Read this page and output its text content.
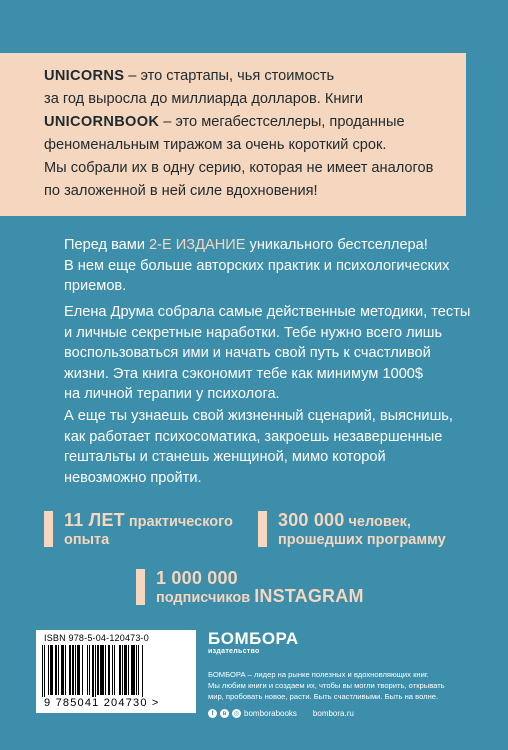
UNICORNS – это стартапы, чья стоимость
за год выросла до миллиарда долларов. Книги
UNICORNBOOK – это мегабестселлеры, проданные
феноменальным тиражом за очень короткий срок.
Мы собрали их в одну серию, которая не имеет аналогов
по заложенной в ней силе вдохновения!
Перед вами 2-Е ИЗДАНИЕ уникального бестселлера!
В нем еще больше авторских практик и психологических
приемов.
Елена Друма собрала самые действенные методики, тесты
и личные секретные наработки. Тебе нужно всего лишь
воспользоваться ими и начать свой путь к счастливой
жизни. Эта книга сэкономит тебе как минимум 1000$
на личной терапии у психолога.
А еще ты узнаешь свой жизненный сценарий, выяснишь,
как работает психосоматика, закроешь незавершенные
гештальты и станешь женщиной, мимо которой
невозможно пройти.
11 ЛЕТ практического
опыта
300 000 человек,
прошедших программу
1 000 000
подписчиков INSTAGRAM
ISBN 978-5-04-120473-0
9 785041 204730 >
БОМБОРА
издательство
БОМБОРА – лидер на рынке полезных и вдохновляющих книг.
Мы любим книги и создаем их, чтобы вы могли творить, открывать
мир, пробовать новое, расти. Быть счастливыми. Быть на волне.
f	в	◎ bomborabooks bombora.ru
